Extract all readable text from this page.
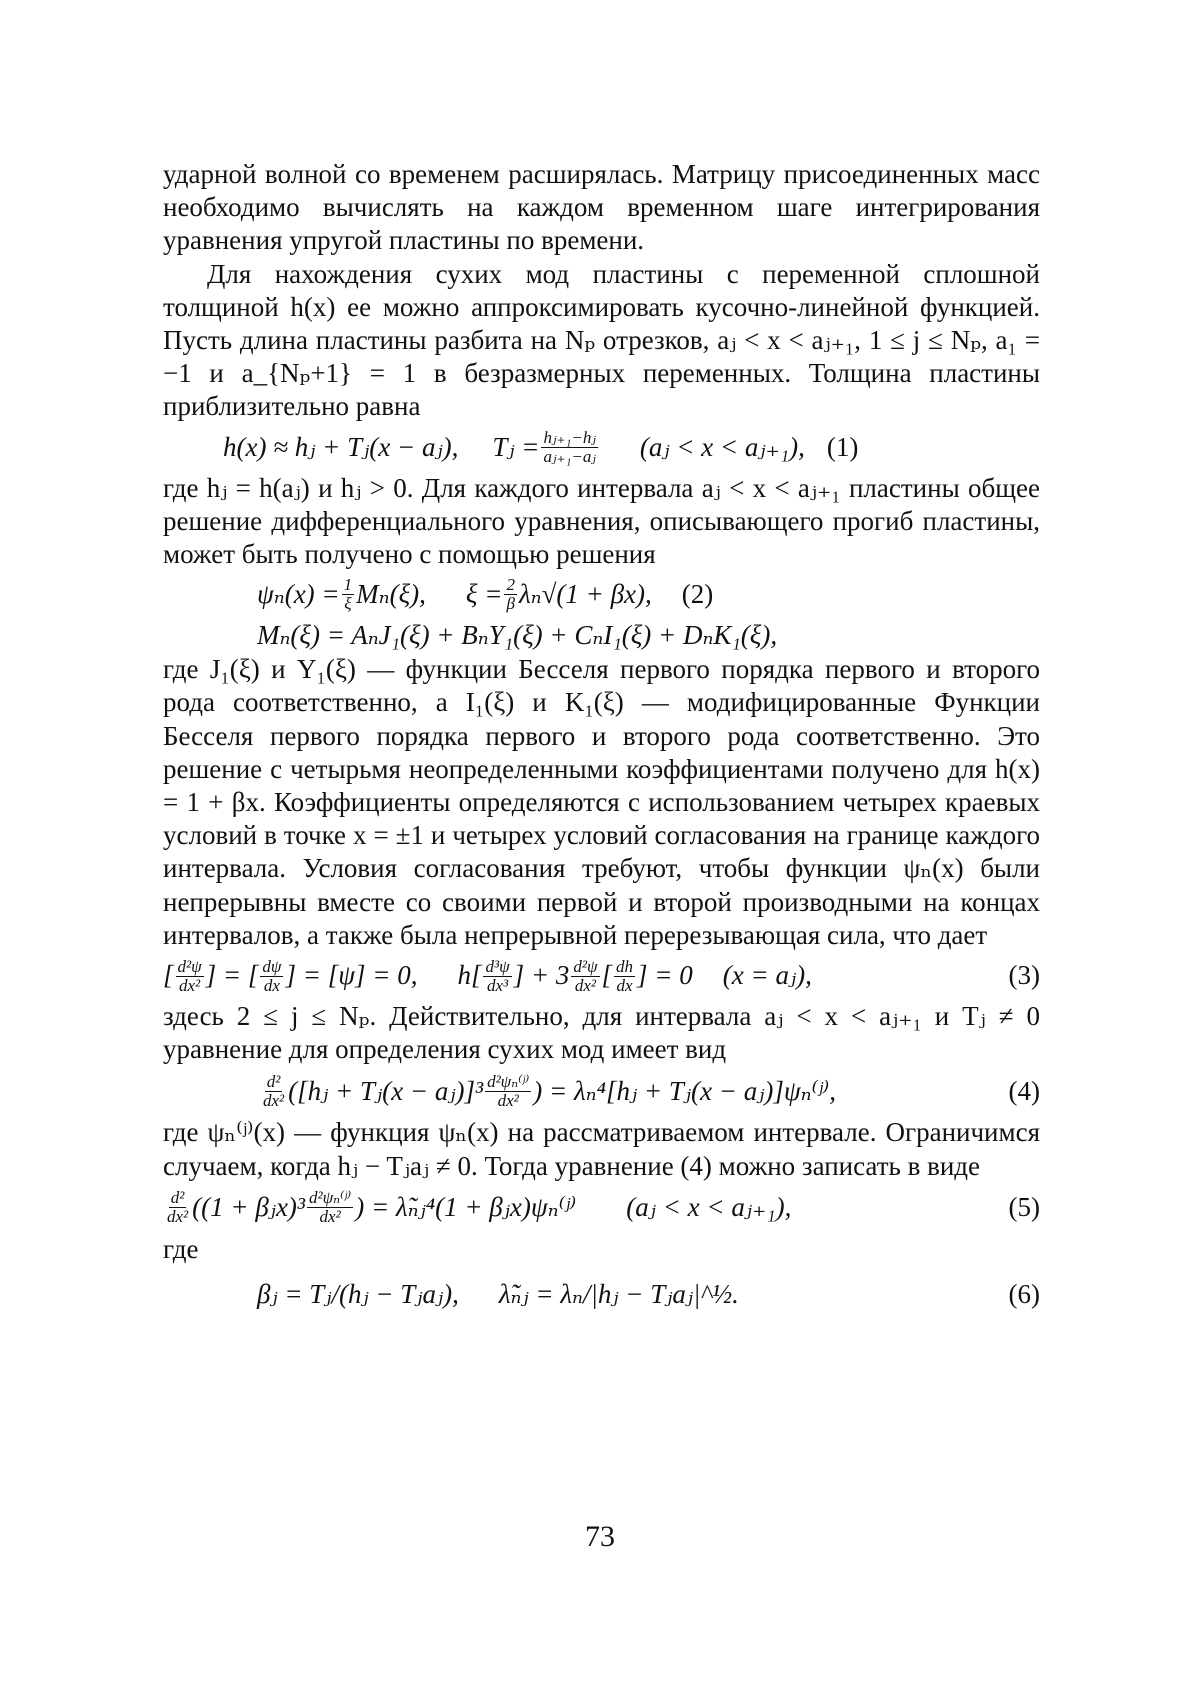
ударной волной со временем расширялась. Матрицу присоединенных масс необходимо вычислять на каждом временном шаге интегрирования уравнения упругой пластины по времени.

Для нахождения сухих мод пластины с переменной сплошной толщиной h(x) ее можно аппроксимировать кусочно-линейной функцией. Пусть длина пластины разбита на Nₚ отрезков, aⱼ < x < aⱼ₊₁, 1 ≤ j ≤ Nₚ, a₁ = −1 и a_{Nₚ+1} = 1 в безразмерных переменных. Толщина пластины приблизительно равна

h(x) ≈ hⱼ + Tⱼ(x − aⱼ), Tⱼ = $\frac{\text{hⱼ₊₁−hⱼ}}{\text{aⱼ₊₁−aⱼ}}$ (aⱼ < x < aⱼ₊₁), (1)

где hⱼ = h(aⱼ) и hⱼ > 0. Для каждого интервала aⱼ < x < aⱼ₊₁ пластины общее решение дифференциального уравнения, описывающего прогиб пластины, может быть получено с помощью решения

$\psi_n(x) = \frac{1}{\xi} M_n(\xi)$, $\xi = \frac{2}{\beta} \lambda_n√(1 + \beta x)$, (2)
Mₙ(ξ) = AₙJ₁(ξ) + BₙY₁(ξ) + CₙI₁(ξ) + DₙK₁(ξ),

где J₁(ξ) и Y₁(ξ) — функции Бесселя первого порядка первого и второго рода соответственно, а I₁(ξ) и K₁(ξ) — модифицированные Функции Бесселя первого порядка первого и второго рода соответственно. Это решение с четырьмя неопределенными коэффициентами получено для h(x) = 1 + βx. Коэффициенты определяются с использованием четырех краевых условий в точке x = ±1 и четырех условий согласования на границе каждого интервала. Условия согласования требуют, чтобы функции ψₙ(x) были непрерывны вместе со своими первой и второй производными на концах интервалов, а также была непрерывной перерезывающая сила, что дает

[ $\frac{\text{d²ψ}}{\text{dx²}}$ ] = [ $\frac{d\psi}{dx}$ ] = [ψ] = 0, $h[ \frac{\text{d³ψ}}{\text{dx³}}$ ] + $3 \frac{\text{d²ψ}}{\text{dx²}}$ [ $\frac{dh}{dx}$ ] = 0 (x = aⱼ),	(3)

здесь 2 ≤ j ≤ Nₚ. Действительно, для интервала aⱼ < x < aⱼ₊₁ и Tⱼ ≠ 0 уравнение для определения сухих мод имеет вид

$\frac{\text{d²}}{\text{dx²}}$ ([hⱼ + Tⱼ(x − aⱼ)]³ $\frac{\text{d²ψₙ⁽ʲ⁾}}{\text{dx²}}$ ) = λₙ⁴[hⱼ + Tⱼ(x − aⱼ)]ψₙ⁽ʲ⁾,	(4)

где ψₙ⁽ʲ⁾(x) — функция ψₙ(x) на рассматриваемом интервале. Ограничимся случаем, когда hⱼ − Tⱼaⱼ ≠ 0. Тогда уравнение (4) можно записать в виде

$\frac{\text{d²}}{\text{dx²}} ((1$ + βⱼx)³ $\frac{\text{d²ψₙ⁽ʲ⁾}}{\text{dx²}}$ ) = λ̃ₙⱼ⁴(1 + βⱼx)ψₙ⁽ʲ⁾ (aⱼ < x < aⱼ₊₁),	(5)

где

βⱼ = Tⱼ/(hⱼ − Tⱼaⱼ), λ̃ₙⱼ = λₙ/|hⱼ − Tⱼaⱼ|^½.	(6)
73
